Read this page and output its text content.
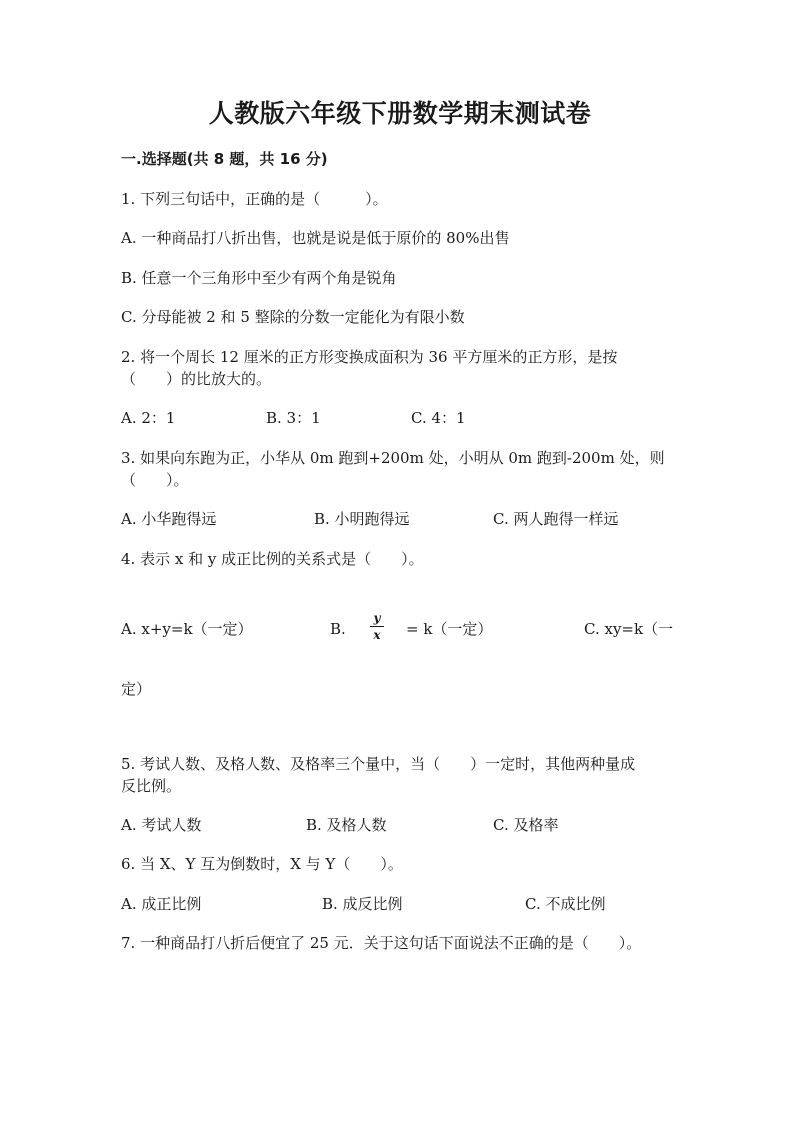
人教版六年级下册数学期末测试卷
一.选择题(共 8 题，共 16 分)
1. 下列三句话中，正确的是（　　　）。
A. 一种商品打八折出售，也就是说是低于原价的 80%出售
B. 任意一个三角形中至少有两个角是锐角
C. 分母能被 2 和 5 整除的分数一定能化为有限小数
2. 将一个周长 12 厘米的正方形变换成面积为 36 平方厘米的正方形，是按
（　　）的比放大的。
A. 2：1	B. 3：1	C. 4：1
3. 如果向东跑为正，小华从 0m 跑到+200m 处，小明从 0m 跑到-200m 处，则
（　　）。
A. 小华跑得远	B. 小明跑得远	C. 两人跑得一样远
4. 表示 x 和 y 成正比例的关系式是（　　）。
A. x+y=k（一定）	B.
y
x	= k（一定）	C. xy=k（一
定）
5. 考试人数、及格人数、及格率三个量中，当（　　）一定时，其他两种量成
反比例。
A. 考试人数	B. 及格人数	C. 及格率
6. 当 X、Y 互为倒数时，X 与 Y（　　）。
A. 成正比例	B. 成反比例	C. 不成比例
7. 一种商品打八折后便宜了 25 元．关于这句话下面说法不正确的是（　　）。
